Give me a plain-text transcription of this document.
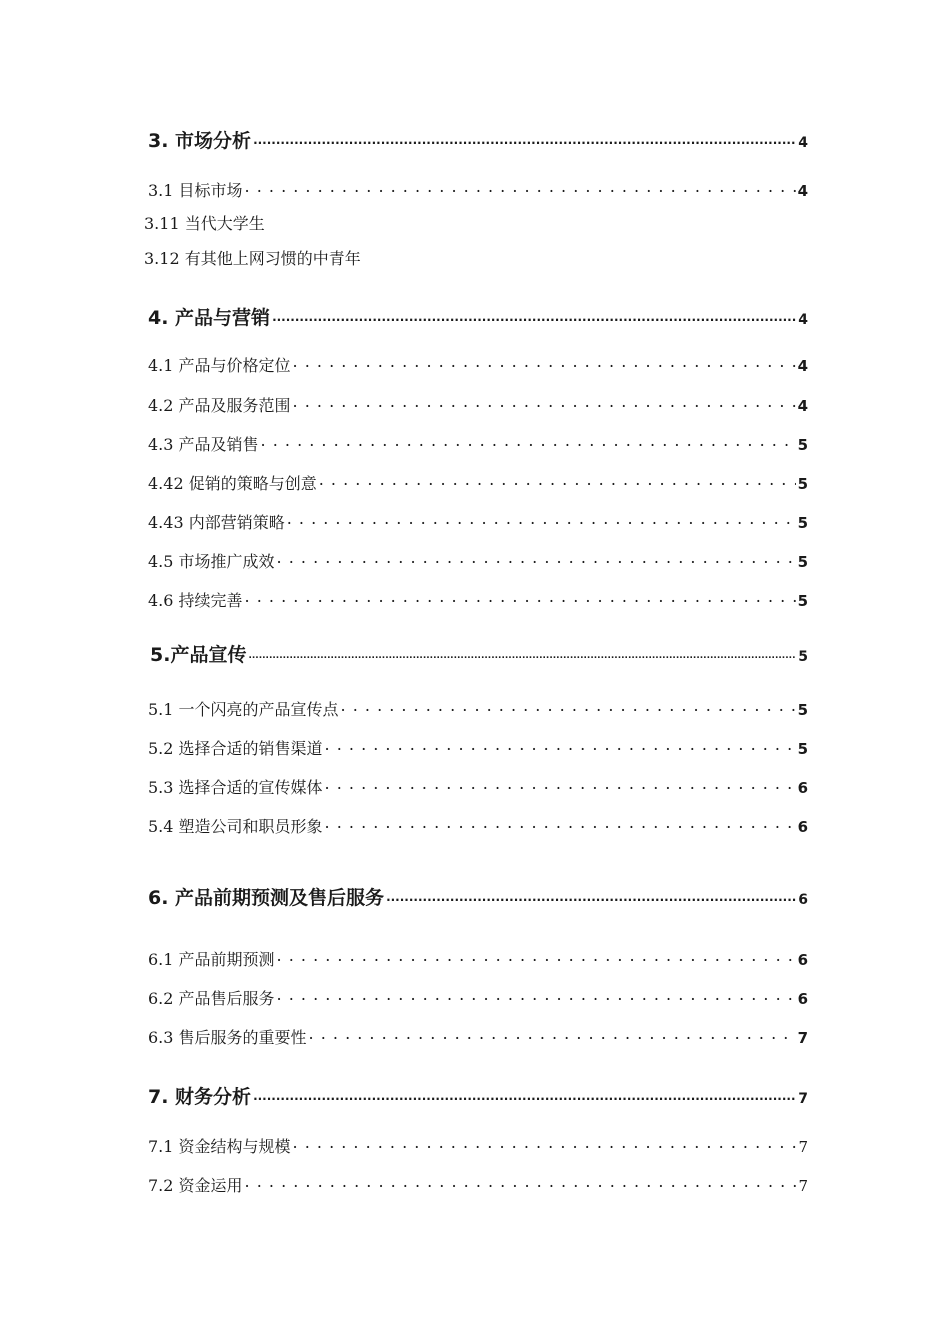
3. 市场分析 .....	4
3.1 目标市场 . . .	4
3.11 当代大学生
3.12 有其他上网习惯的中青年
4. 产品与营销 .....	4
4.1 产品与价格定位 . . .	4
4.2 产品及服务范围 . . .	4
4.3 产品及销售 . . .	5
4.42 促销的策略与创意 . . .	5
4.43 内部营销策略 . . .	5
4.5 市场推广成效 . . .	5
4.6 持续完善 . . .	5
5.产品宣传 .....	5
5.1 一个闪亮的产品宣传点 . . .	5
5.2 选择合适的销售渠道 . . .	5
5.3 选择合适的宣传媒体 . . .	6
5.4 塑造公司和职员形象 . . .	6
6. 产品前期预测及售后服务 .....	6
6.1 产品前期预测 . . .	6
6.2 产品售后服务 . . .	6
6.3 售后服务的重要性 . . .	7
7. 财务分析 .....	7
7.1 资金结构与规模 . . .	7
7.2 资金运用 . . .	7
